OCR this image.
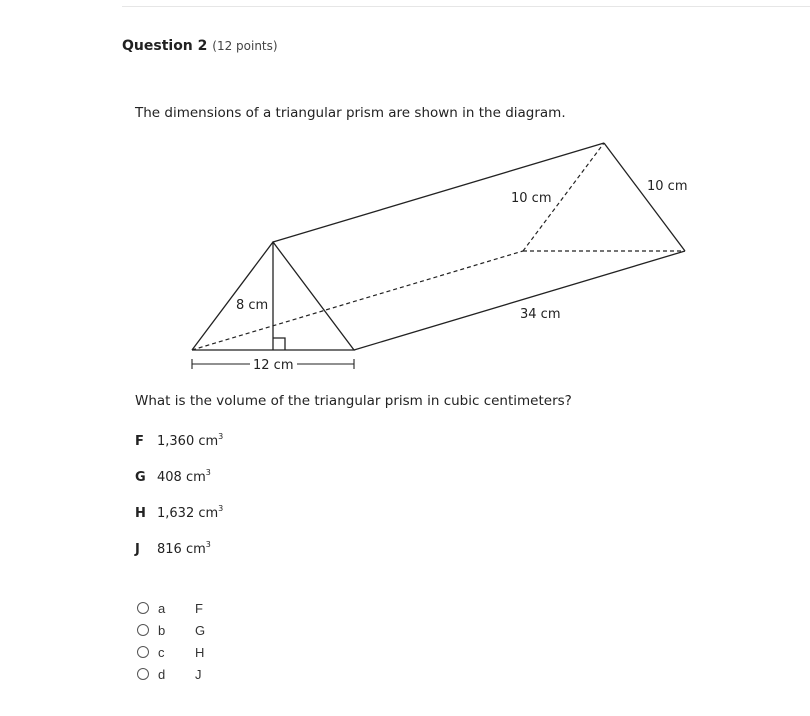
Question 2 (12 points)
The dimensions of a triangular prism are shown in the diagram.
8 cm
12 cm
34 cm
10 cm
10 cm
What is the volume of the triangular prism in cubic centimeters?
F 1,360 $cm^3$
G 408 $cm^3$
H 1,632 $cm^3$
J 816 $cm^3$
a F
b G
c H
d J
